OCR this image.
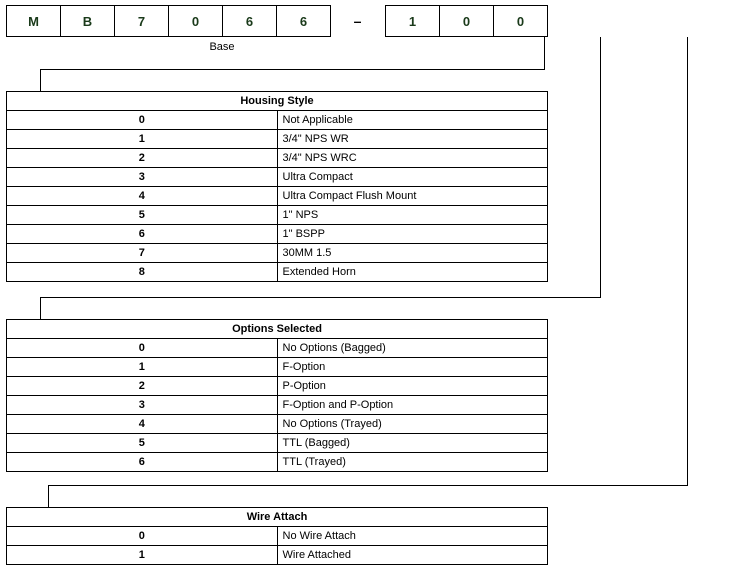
M	B	7	0	6	6	–	1	0	0
Base
Housing Style	
0	Not Applicable
1	3/4" NPS WR
2	3/4" NPS WRC
3	Ultra Compact
4	Ultra Compact Flush Mount
5	1" NPS
6	1" BSPP
7	30MM 1.5
8	Extended Horn
Options Selected	
0	No Options (Bagged)
1	F-Option
2	P-Option
3	F-Option and P-Option
4	No Options (Trayed)
5	TTL (Bagged)
6	TTL (Trayed)
Wire Attach	
0	No Wire Attach
1	Wire Attached
